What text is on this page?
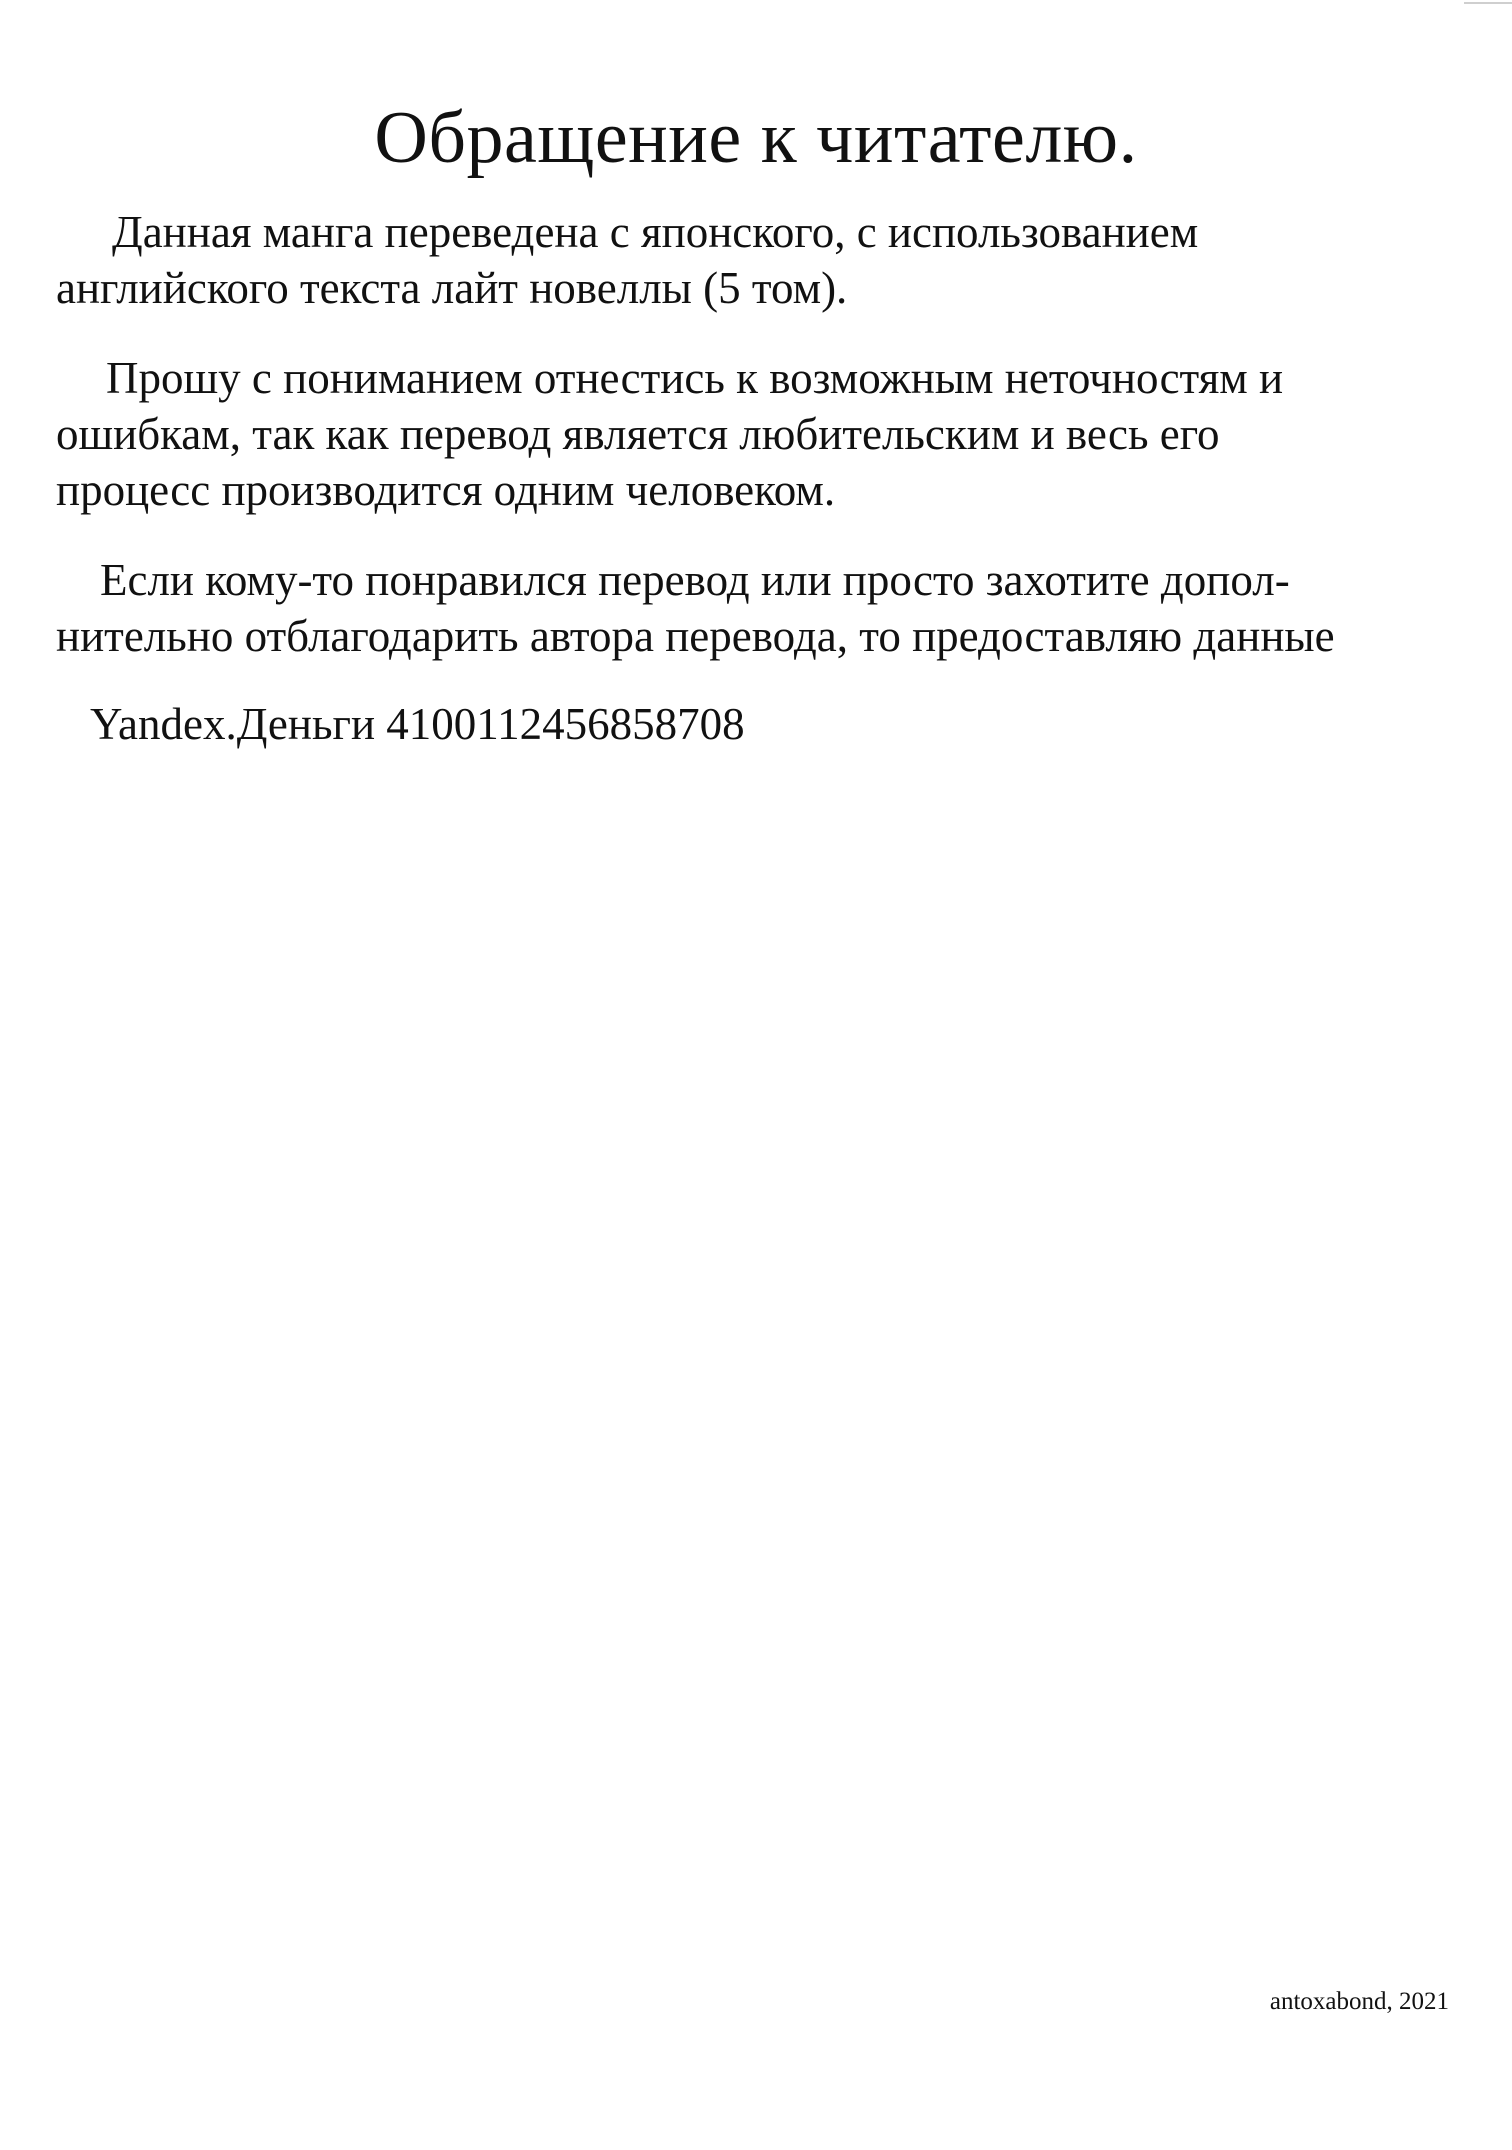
Обращение к читателю.

Данная манга переведена с японского, с использованием
английского текста лайт новеллы (5 том).

Прошу с пониманием отнестись к возможным неточностям и
ошибкам, так как перевод является любительским и весь его
процесс производится одним человеком.

Если кому-то понравился перевод или просто захотите допол-
нительно отблагодарить автора перевода, то предоставляю данные

Yandex.Деньги 4100112456858708

antoxabond, 2021
